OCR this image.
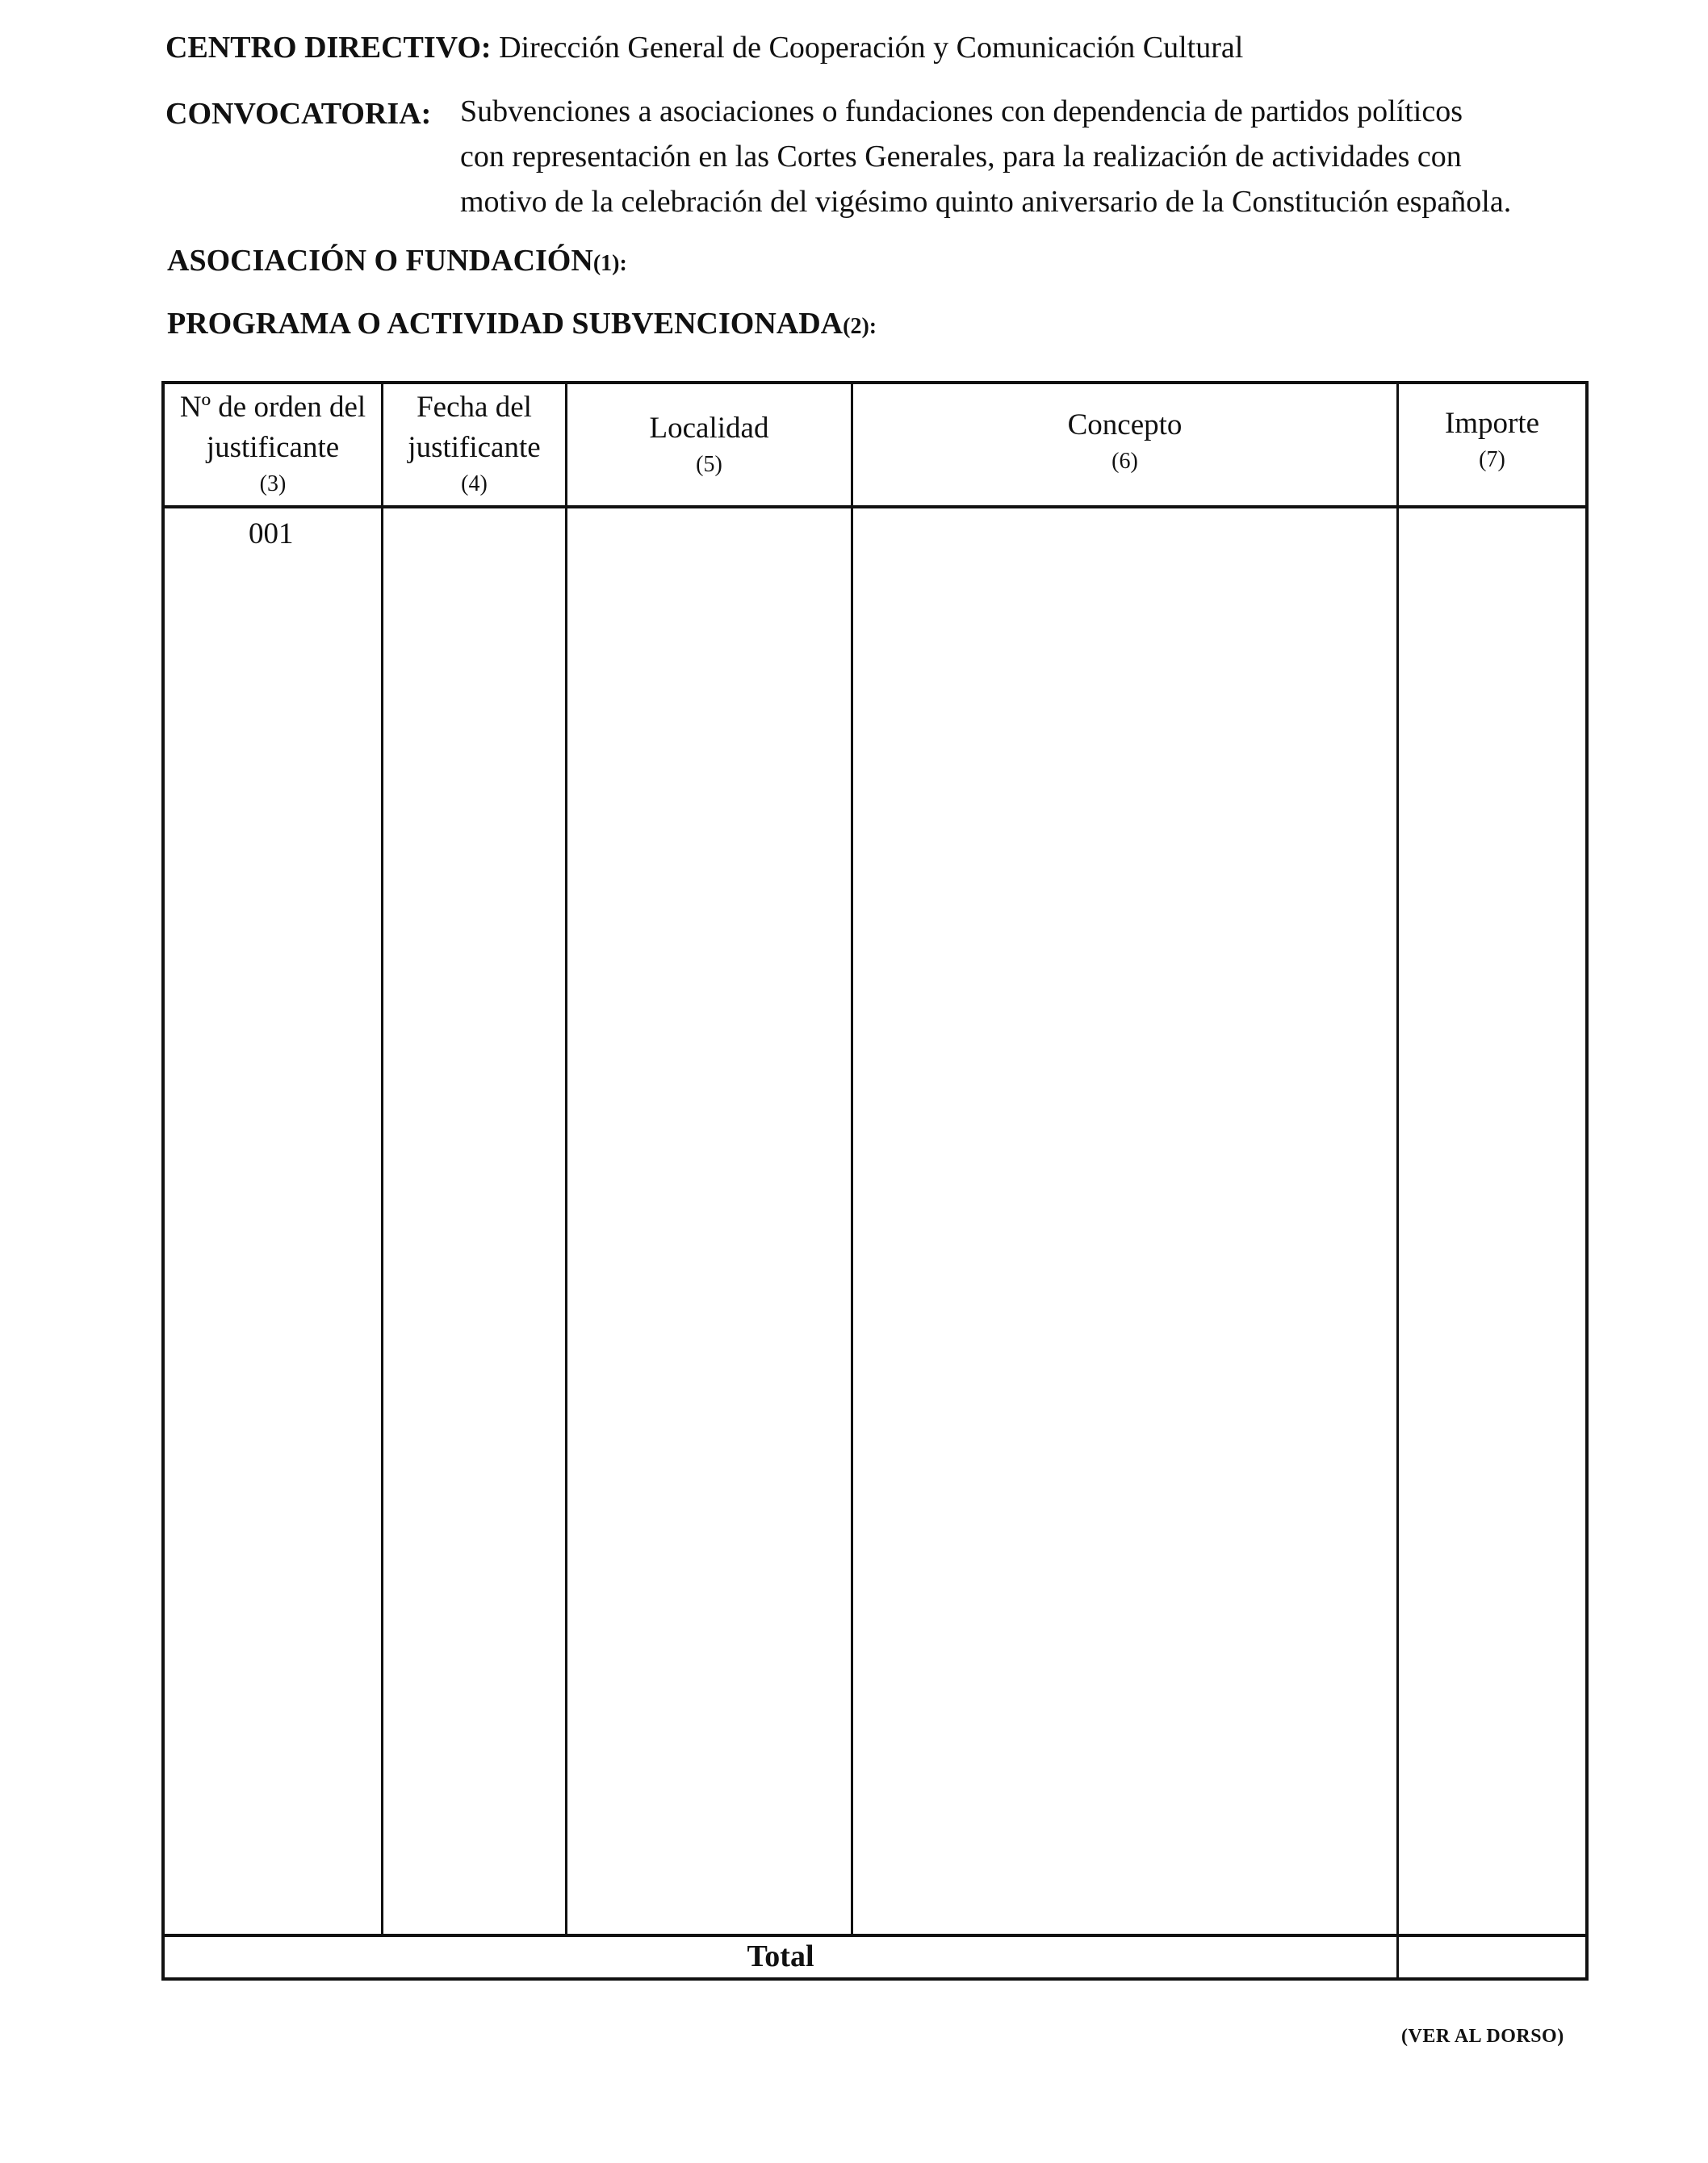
CENTRO DIRECTIVO: Dirección General de Cooperación y Comunicación Cultural
CONVOCATORIA: Subvenciones a asociaciones o fundaciones con dependencia de partidos políticos
con representación en las Cortes Generales, para la realización de actividades con
motivo de la celebración del vigésimo quinto aniversario de la Constitución española.
ASOCIACIÓN O FUNDACIÓN(1):
PROGRAMA O ACTIVIDAD SUBVENCIONADA(2):
Nº de orden del
justificante
(3)
Fecha del
justificante
(4)
Localidad
(5)
Concepto
(6)
Importe
(7)
001
Total
(VER AL DORSO)
